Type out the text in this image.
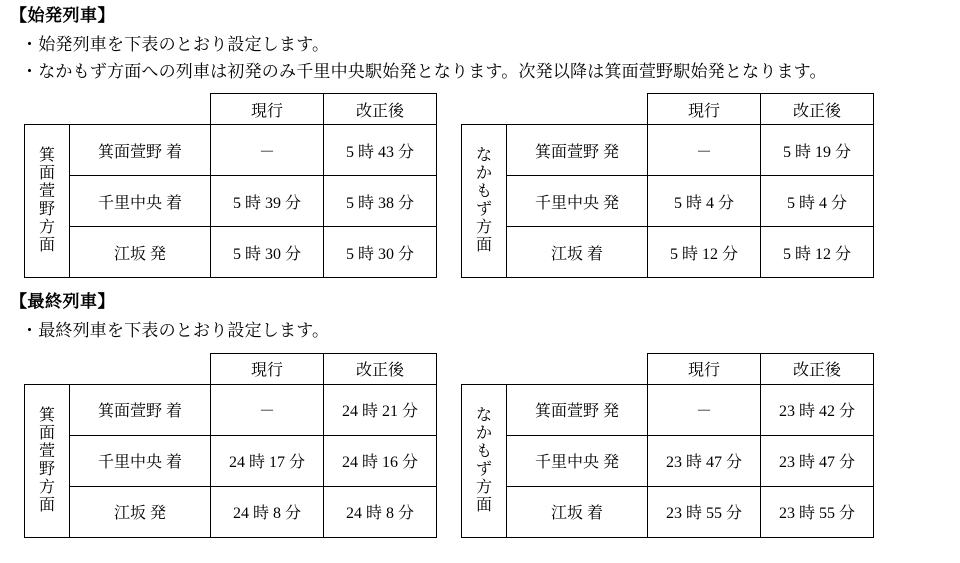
【始発列車】
・始発列車を下表のとおり設定します。
・なかもず方面への列車は初発のみ千里中央駅始発となります。次発以降は箕面萱野駅始発となります。
		現行	改正後

箕面萱野方面	箕面萱野 着	－	5 時 43 分
	千里中央 着	5 時 39 分	5 時 38 分
	江坂 発	5 時 30 分	5 時 30 分
		現行	改正後

なかもず方面	箕面萱野 発	－	5 時 19 分
	千里中央 発	5 時 4 分	5 時 4 分
	江坂 着	5 時 12 分	5 時 12 分
【最終列車】
・最終列車を下表のとおり設定します。
		現行	改正後

箕面萱野方面	箕面萱野 着	－	24 時 21 分
	千里中央 着	24 時 17 分	24 時 16 分
	江坂 発	24 時 8 分	24 時 8 分
		現行	改正後

なかもず方面	箕面萱野 発	－	23 時 42 分
	千里中央 発	23 時 47 分	23 時 47 分
	江坂 着	23 時 55 分	23 時 55 分
